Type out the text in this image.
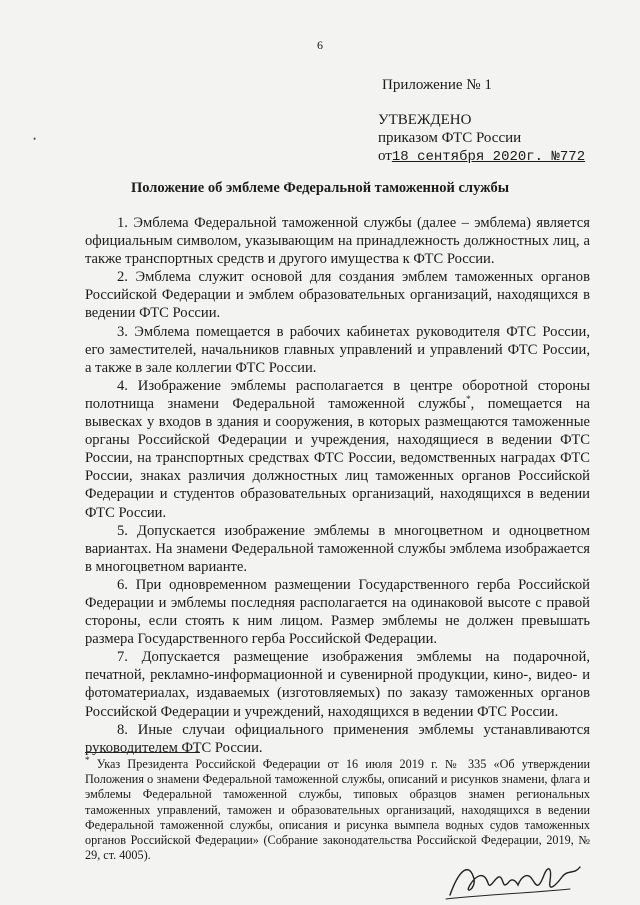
6
•
Приложение № 1
УТВЕЖДЕНО
приказом ФТС России
от18 сентября 2020г. №772
Положение об эмблеме Федеральной таможенной службы

1. Эмблема Федеральной таможенной службы (далее – эмблема) является официальным символом, указывающим на принадлежность должностных лиц, а также транспортных средств и другого имущества к ФТС России.

2. Эмблема служит основой для создания эмблем таможенных органов Российской Федерации и эмблем образовательных организаций, находящихся в ведении ФТС России.

3. Эмблема помещается в рабочих кабинетах руководителя ФТС России, его заместителей, начальников главных управлений и управлений ФТС России, а также в зале коллегии ФТС России.

4. Изображение эмблемы располагается в центре оборотной стороны полотнища знамени Федеральной таможенной службы*, помещается на вывесках у входов в здания и сооружения, в которых размещаются таможенные органы Российской Федерации и учреждения, находящиеся в ведении ФТС России, на транспортных средствах ФТС России, ведомственных наградах ФТС России, знаках различия должностных лиц таможенных органов Российской Федерации и студентов образовательных организаций, находящихся в ведении ФТС России.

5. Допускается изображение эмблемы в многоцветном и одноцветном вариантах. На знамени Федеральной таможенной службы эмблема изображается в многоцветном варианте.

6. При одновременном размещении Государственного герба Российской Федерации и эмблемы последняя располагается на одинаковой высоте с правой стороны, если стоять к ним лицом. Размер эмблемы не должен превышать размера Государственного герба Российской Федерации.

7. Допускается размещение изображения эмблемы на подарочной, печатной, рекламно-информационной и сувенирной продукции, кино-, видео- и фотоматериалах, издаваемых (изготовляемых) по заказу таможенных органов Российской Федерации и учреждений, находящихся в ведении ФТС России.

8. Иные случаи официального применения эмблемы устанавливаются руководителем ФТС России.

* Указ Президента Российской Федерации от 16 июля 2019 г. № 335 «Об утверждении Положения о знамени Федеральной таможенной службы, описаний и рисунков знамени, флага и эмблемы Федеральной таможенной службы, типовых образцов знамен региональных таможенных управлений, таможен и образовательных организаций, находящихся в ведении Федеральной таможенной службы, описания и рисунка вымпела водных судов таможенных органов Российской Федерации» (Собрание законодательства Российской Федерации, 2019, № 29, ст. 4005).
